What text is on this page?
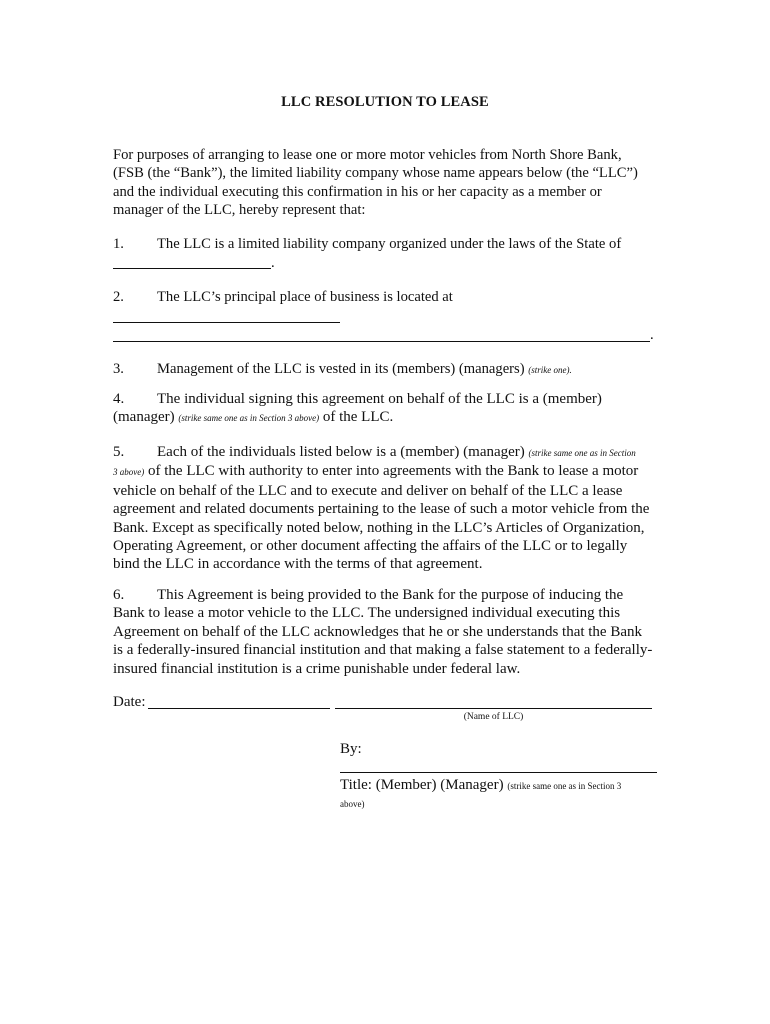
LLC RESOLUTION TO LEASE
For purposes of arranging to lease one or more motor vehicles from North Shore Bank,
(FSB (the “Bank”), the limited liability company whose name appears below (the “LLC”)
and the individual executing this confirmation in his or her capacity as a member or
manager of the LLC, hereby represent that:
1. The LLC is a limited liability company organized under the laws of the State of
.
2. The LLC’s principal place of business is located at
.
3. Management of the LLC is vested in its (members) (managers) (strike one).
4. The individual signing this agreement on behalf of the LLC is a (member)
(manager) (strike same one as in Section 3 above) of the LLC.
5. Each of the individuals listed below is a (member) (manager) (strike same one as in Section
3 above) of the LLC with authority to enter into agreements with the Bank to lease a motor
vehicle on behalf of the LLC and to execute and deliver on behalf of the LLC a lease
agreement and related documents pertaining to the lease of such a motor vehicle from the
Bank. Except as specifically noted below, nothing in the LLC’s Articles of Organization,
Operating Agreement, or other document affecting the affairs of the LLC or to legally
bind the LLC in accordance with the terms of that agreement.
6. This Agreement is being provided to the Bank for the purpose of inducing the
Bank to lease a motor vehicle to the LLC. The undersigned individual executing this
Agreement on behalf of the LLC acknowledges that he or she understands that the Bank
is a federally-insured financial institution and that making a false statement to a federally-
insured financial institution is a crime punishable under federal law.
Date:
(Name of LLC)
By:
Title: (Member) (Manager) (strike same one as in Section 3
above)
